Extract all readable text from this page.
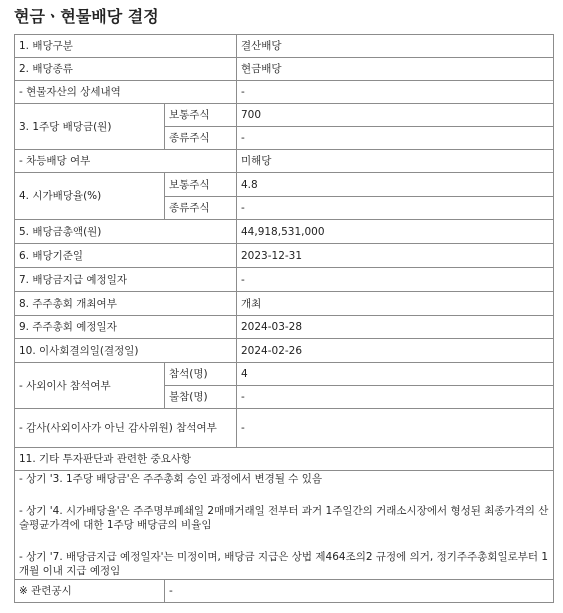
현금ㆍ현물배당 결정
1. 배당구분		결산배당
2. 배당종류		현금배당
- 현물자산의 상세내역		-
3. 1주당 배당금(원)	보통주식	700
	종류주식	-
- 차등배당 여부		미해당
4. 시가배당율(%)	보통주식	4.8
	종류주식	-
5. 배당금총액(원)		44,918,531,000
6. 배당기준일		2023-12-31
7. 배당금지급 예정일자		-
8. 주주총회 개최여부		개최
9. 주주총회 예정일자		2024-03-28
10. 이사회결의일(결정일)		2024-02-26
- 사외이사 참석여부	참석(명)	4
	불참(명)	-
- 감사(사외이사가 아닌 감사위원) 참석여부		-
11. 기타 투자판단과 관련한 중요사항		

- 상기 '3. 1주당 배당금'은 주주총회 승인 과정에서 변경될 수 있음
- 상기 '4. 시가배당율'은 주주명부폐쇄일 2매매거래일 전부터 과거 1주일간의 거래소시장에서 형성된 최종가격의 산술평균가격에 대한 1주당 배당금의 비율임
- 상기 '7. 배당금지급 예정일자'는 미정이며, 배당금 지급은 상법 제464조의2 규정에 의거, 정기주주총회일로부터 1개월 이내 지급 예정임		

※ 관련공시	-	
